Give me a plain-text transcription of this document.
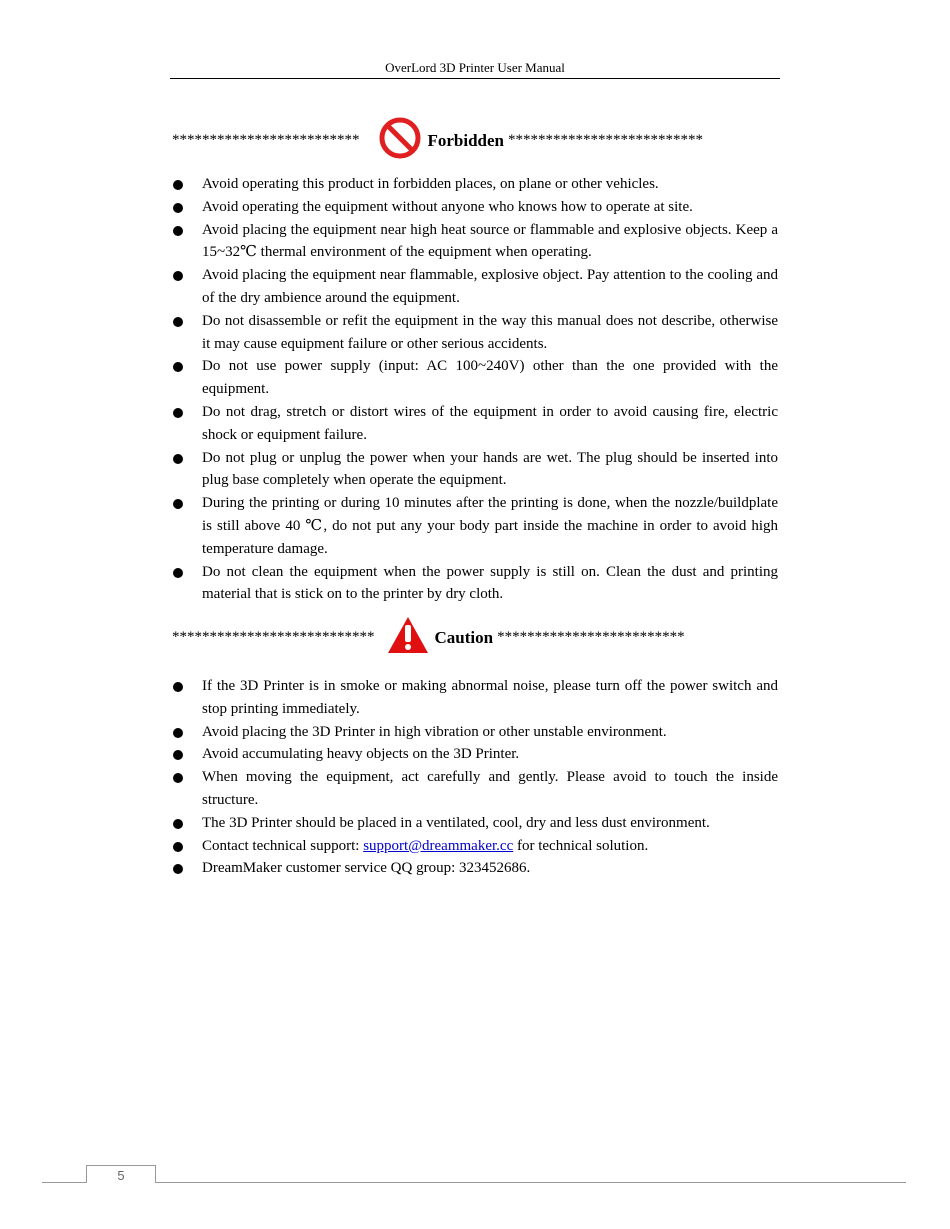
OverLord 3D Printer User Manual
*************************	Forbidden **************************
Avoid operating this product in forbidden places, on plane or other vehicles.
Avoid operating the equipment without anyone who knows how to operate at site.
Avoid placing the equipment near high heat source or flammable and explosive objects. Keep a 15~32℃ thermal environment of the equipment when operating.
Avoid placing the equipment near flammable, explosive object. Pay attention to the cooling and of the dry ambience around the equipment.
Do not disassemble or refit the equipment in the way this manual does not describe, otherwise it may cause equipment failure or other serious accidents.
Do not use power supply (input: AC 100~240V) other than the one provided with the equipment.
Do not drag, stretch or distort wires of the equipment in order to avoid causing fire, electric shock or equipment failure.
Do not plug or unplug the power when your hands are wet. The plug should be inserted into plug base completely when operate the equipment.
During the printing or during 10 minutes after the printing is done, when the nozzle/buildplate is still above 40 ℃, do not put any your body part inside the machine in order to avoid high temperature damage.
Do not clean the equipment when the power supply is still on. Clean the dust and printing material that is stick on to the printer by dry cloth.
***************************	Caution *************************
If the 3D Printer is in smoke or making abnormal noise, please turn off the power switch and stop printing immediately.
Avoid placing the 3D Printer in high vibration or other unstable environment.
Avoid accumulating heavy objects on the 3D Printer.
When moving the equipment, act carefully and gently. Please avoid to touch the inside structure.
The 3D Printer should be placed in a ventilated, cool, dry and less dust environment.
Contact technical support: support@dreammaker.cc for technical solution.
DreamMaker customer service QQ group: 323452686.
5
